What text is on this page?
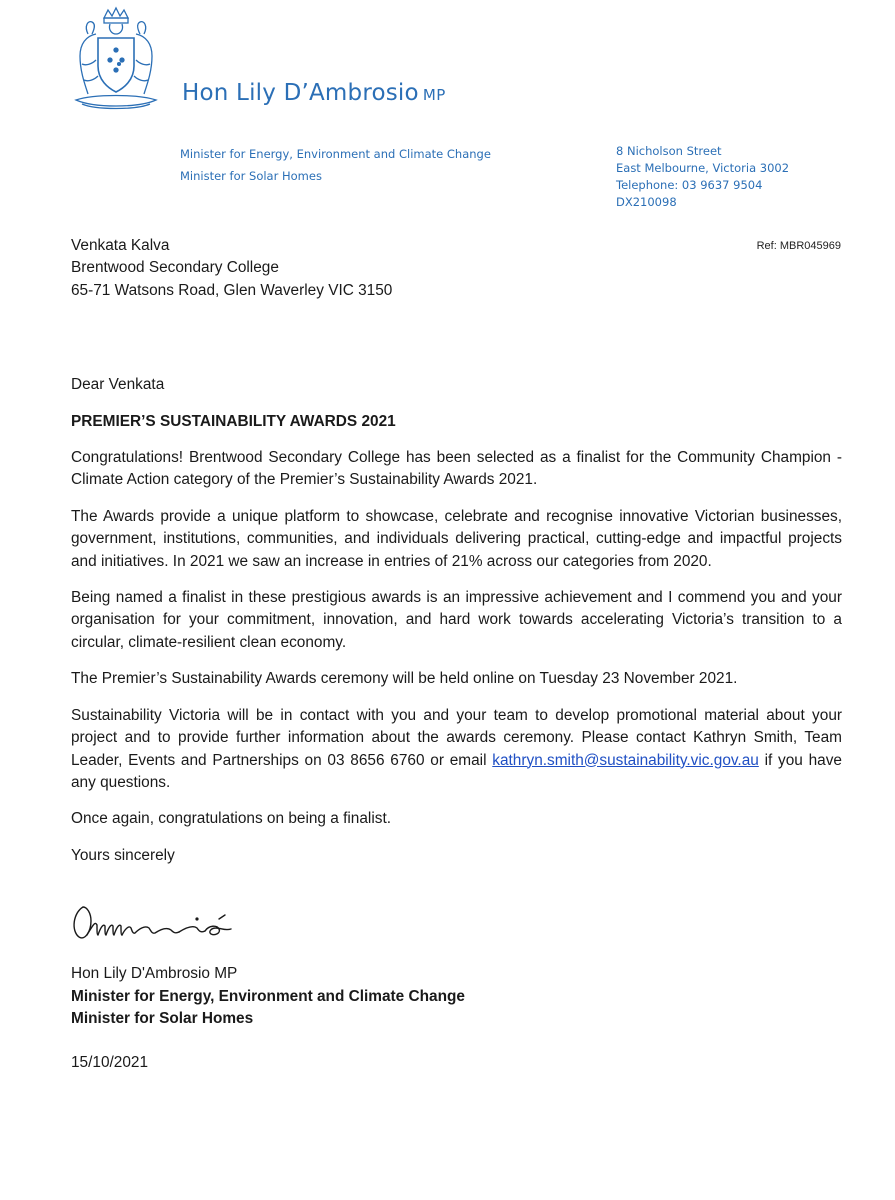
Hon Lily D’Ambrosio MP
Minister for Energy, Environment and Climate Change
Minister for Solar Homes
8 Nicholson Street
East Melbourne, Victoria 3002
Telephone: 03 9637 9504
DX210098
Ref: MBR045969
Venkata Kalva
Brentwood Secondary College
65-71 Watsons Road, Glen Waverley VIC 3150
Dear Venkata
PREMIER’S SUSTAINABILITY AWARDS 2021
Congratulations! Brentwood Secondary College has been selected as a finalist for the Community Champion - Climate Action category of the Premier’s Sustainability Awards 2021.
The Awards provide a unique platform to showcase, celebrate and recognise innovative Victorian businesses, government, institutions, communities, and individuals delivering practical, cutting-edge and impactful projects and initiatives. In 2021 we saw an increase in entries of 21% across our categories from 2020.
Being named a finalist in these prestigious awards is an impressive achievement and I commend you and your organisation for your commitment, innovation, and hard work towards accelerating Victoria’s transition to a circular, climate-resilient clean economy.
The Premier’s Sustainability Awards ceremony will be held online on Tuesday 23 November 2021.
Sustainability Victoria will be in contact with you and your team to develop promotional material about your project and to provide further information about the awards ceremony. Please contact Kathryn Smith, Team Leader, Events and Partnerships on 03 8656 6760 or email kathryn.smith@sustainability.vic.gov.au if you have any questions.
Once again, congratulations on being a finalist.
Yours sincerely
Hon Lily D'Ambrosio MP
Minister for Energy, Environment and Climate Change
Minister for Solar Homes
15/10/2021
